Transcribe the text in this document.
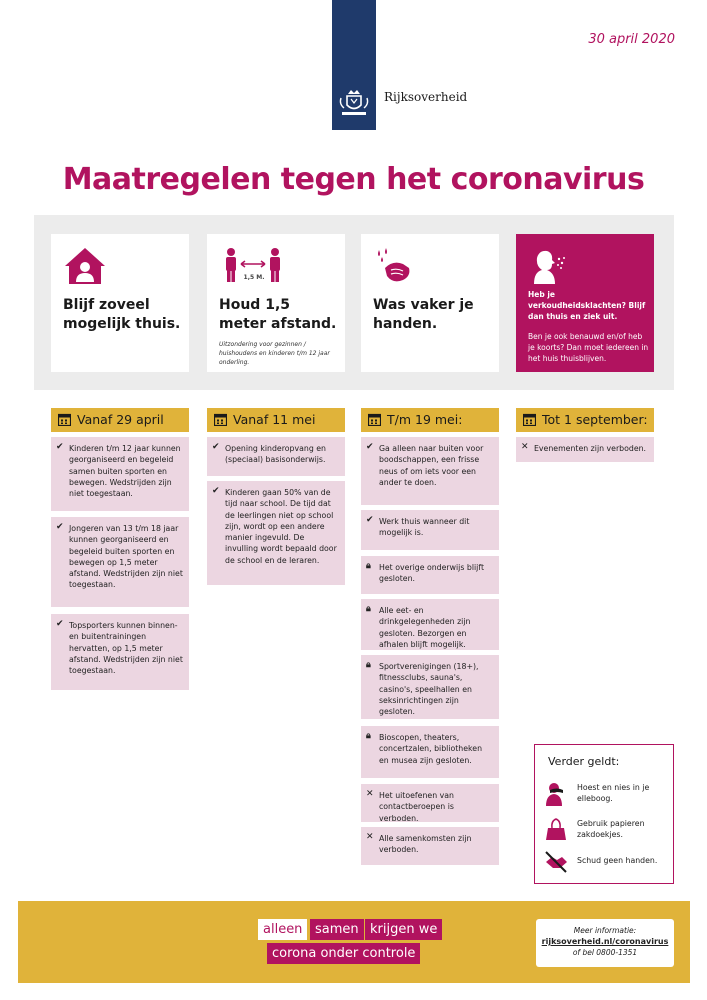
Rijksoverheid
30 april 2020
Maatregelen tegen het coronavirus
Blijf zoveel mogelijk thuis.
1,5 M.
Houd 1,5 meter afstand.
Uitzondering voor gezinnen / huishoudens en kinderen t/m 12 jaar onderling.
Was vaker je handen.
Heb je verkoudheidsklachten? Blijf dan thuis en ziek uit.
Ben je ook benauwd en/of heb je koorts? Dan moet iedereen in het huis thuisblijven.
Vanaf 29 april	Vanaf 11 mei	T/m 19 mei:	Tot 1 september:
✔ Kinderen t/m 12 jaar kunnen georganiseerd en begeleid samen buiten sporten en bewegen. Wedstrijden zijn niet toegestaan.
✔ Jongeren van 13 t/m 18 jaar kunnen georganiseerd en begeleid buiten sporten en bewegen op 1,5 meter afstand. Wedstrijden zijn niet toegestaan.
✔ Topsporters kunnen binnen- en buitentrainingen hervatten, op 1,5 meter afstand. Wedstrijden zijn niet toegestaan.
✔ Opening kinderopvang en (speciaal) basisonderwijs.
✔ Kinderen gaan 50% van de tijd naar school. De tijd dat de leerlingen niet op school zijn, wordt op een andere manier ingevuld. De invulling wordt bepaald door de school en de leraren.
✔ Ga alleen naar buiten voor boodschappen, een frisse neus of om iets voor een ander te doen.
✔ Werk thuis wanneer dit mogelijk is.
🔒︎	Het overige onderwijs blijft gesloten.
🔒︎	Alle eet- en drinkgelegenheden zijn gesloten. Bezorgen en afhalen blijft mogelijk.
🔒︎	Sportverenigingen (18+), fitnessclubs, sauna's, casino's, speelhallen en seksinrichtingen zijn gesloten.
🔒︎	Bioscopen, theaters, concertzalen, bibliotheken en musea zijn gesloten.
✕ Het uitoefenen van contactberoepen is verboden.
✕ Alle samenkomsten zijn verboden.
✕ Evenementen zijn verboden.
Verder geldt:
Hoest en nies in je elleboog.
Gebruik papieren zakdoekjes.
Schud geen handen.
alleen samen krijgen we
corona onder controle
Meer informatie:
rijksoverheid.nl/coronavirus
of bel 0800-1351
